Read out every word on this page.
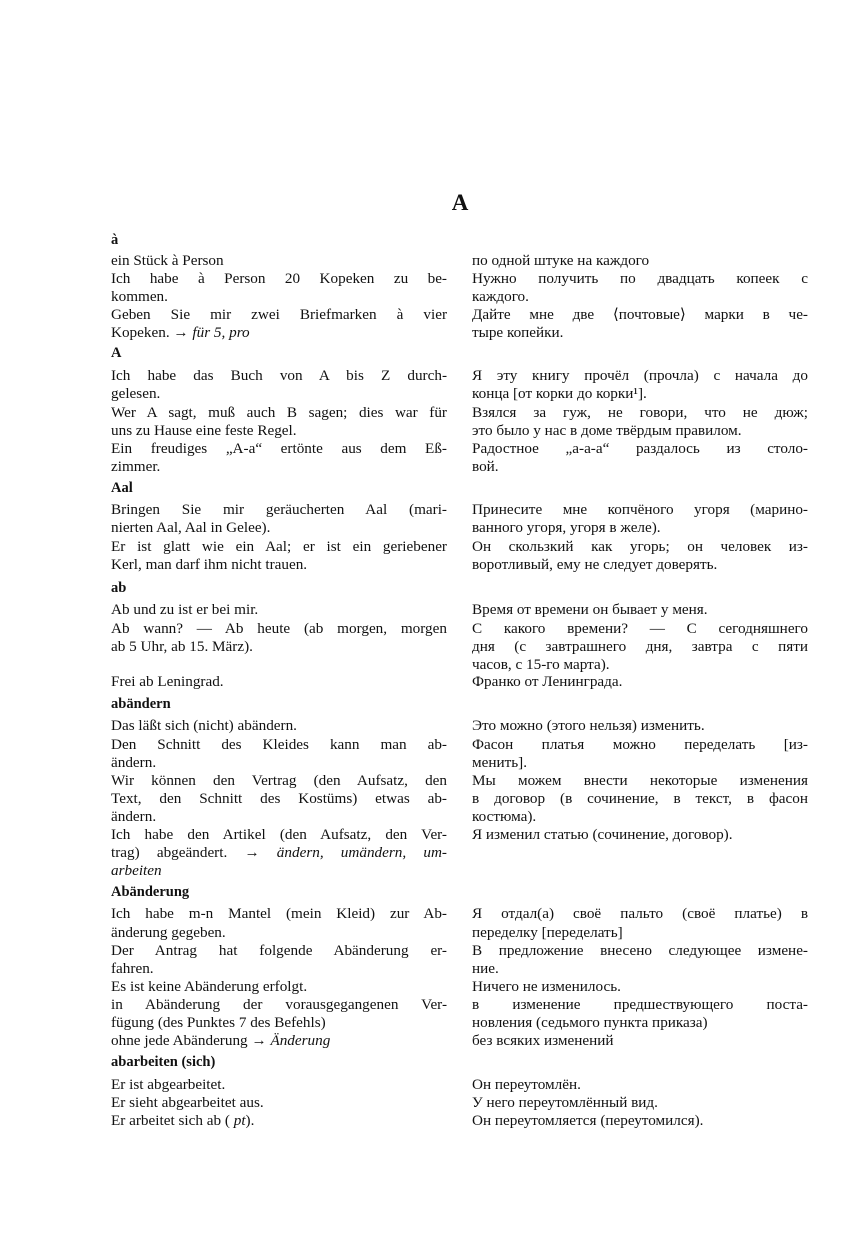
A
à
ein Stück à Person	по одной штуке на каждого
Ich habe à Person 20 Kopeken zu be- Нужно получить по двадцать копеек с
kommen.	каждого.
Geben Sie mir zwei Briefmarken à vier Дайте мне две ⟨почтовые⟩ марки в че-
Kopeken. → für 5, pro	тыре копейки.
A
Ich habe das Buch von A bis Z durch- Я эту книгу прочёл (прочла) с начала до
gelesen.	конца [от корки до корки¹].
Wer A sagt, muß auch B sagen; dies war für Взялся за гуж, не говори, что не дюж;
uns zu Hause eine feste Regel.	это было у нас в доме твёрдым правилом.
Ein freudiges „A-a“ ertönte aus dem Eß- Радостное „а-а-а“ раздалось из столо-
zimmer.	вой.
Aal
Bringen Sie mir geräucherten Aal (mari- Принесите мне копчёного угоря (марино-
nierten Aal, Aal in Gelee).	ванного угоря, угоря в желе).
Er ist glatt wie ein Aal; er ist ein geriebener Он скользкий как угорь; он человек из-
Kerl, man darf ihm nicht trauen.	воротливый, ему не следует доверять.
ab
Ab und zu ist er bei mir.	Время от времени он бывает у меня.
Ab wann? — Ab heute (ab morgen, morgen С какого времени? — С сегодняшнего
ab 5 Uhr, ab 15. März).	дня (с завтрашнего дня, завтра с пяти
часов, с 15-го марта).
Frei ab Leningrad.	Франко от Ленинграда.
abändern
Das läßt sich (nicht) abändern.	Это можно (этого нельзя) изменить.
Den Schnitt des Kleides kann man ab- Фасон платья можно переделать [из-
ändern.	менить].
Wir können den Vertrag (den Aufsatz, den Мы можем внести некоторые изменения
Text, den Schnitt des Kostüms) etwas ab- в договор (в сочинение, в текст, в фасон
ändern.	костюма).
Ich habe den Artikel (den Aufsatz, den Ver- Я изменил статью (сочинение, договор).
trag) abgeändert. → ändern, umändern, um-
arbeiten
Abänderung
Ich habe m-n Mantel (mein Kleid) zur Ab- Я отдал(а) своё пальто (своё платье) в
änderung gegeben.	переделку [переделать]
Der Antrag hat folgende Abänderung er- В предложение внесено следующее измене-
fahren.	ние.
Es ist keine Abänderung erfolgt.	Ничего не изменилось.
in Abänderung der vorausgegangenen Ver- в изменение предшествующего поста-
fügung (des Punktes 7 des Befehls)	новления (седьмого пункта приказа)
ohne jede Abänderung → Änderung	без всяких изменений
abarbeiten (sich)
Er ist abgearbeitet.	Он переутомлён.
Er sieht abgearbeitet aus.	У него переутомлённый вид.
Er arbeitet sich ab ( pt).	Он переутомляется (переутомился).
